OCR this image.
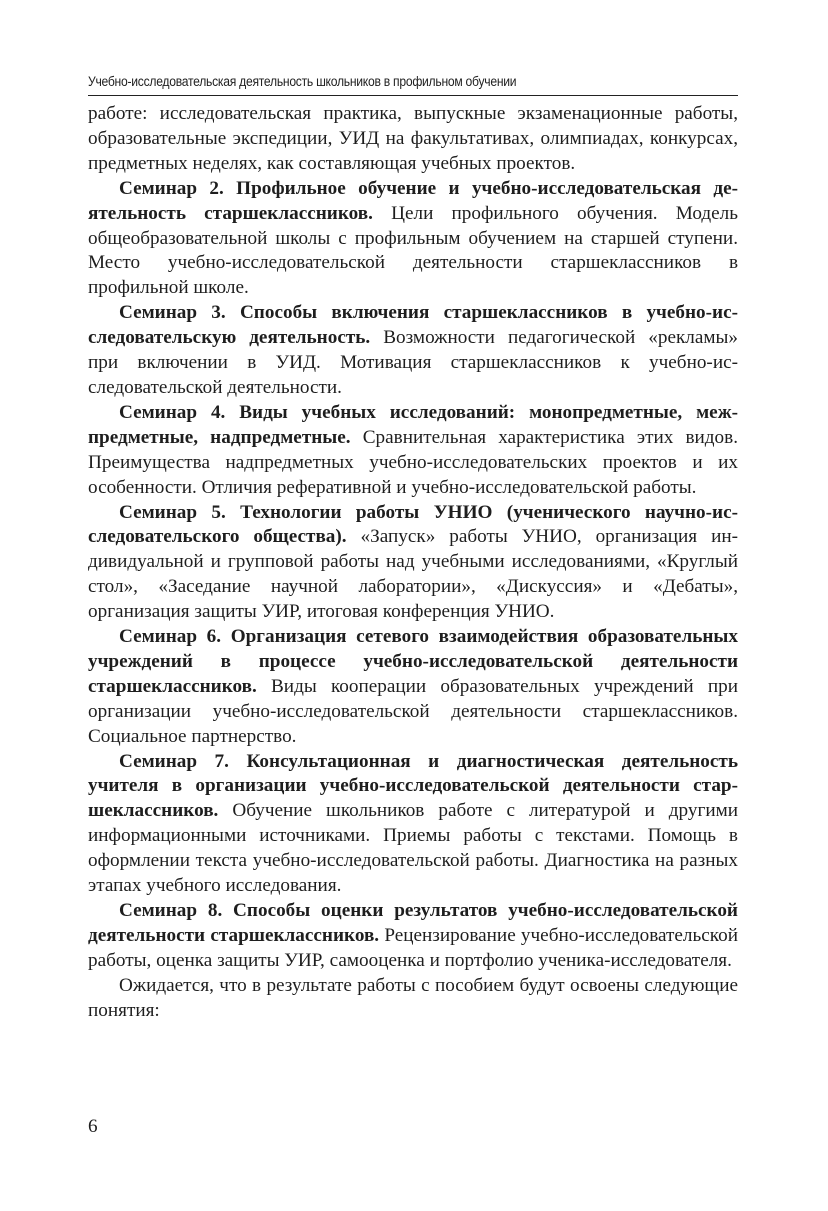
Учебно-исследовательская деятельность школьников в профильном обучении

работе: исследовательская практика, выпускные экзаменационные работы, образовательные экспедиции, УИД на факультативах, олимпиадах, конкурсах, предметных неделях, как составляющая учебных проектов.

Семинар 2. Профильное обучение и учебно-исследовательская деятельность старшеклассников. Цели профильного обучения. Модель общеобразовательной школы с профильным обучением на старшей ступени. Место учебно-исследовательской деятельности старшеклассников в профильной школе.

Семинар 3. Способы включения старшеклассников в учебно-исследовательскую деятельность. Возможности педагогической «рекламы» при включении в УИД. Мотивация старшеклассников к учебно-исследовательской деятельности.

Семинар 4. Виды учебных исследований: монопредметные, межпредметные, надпредметные. Сравнительная характеристика этих видов. Преимущества надпредметных учебно-исследовательских проектов и их особенности. Отличия реферативной и учебно-исследовательской работы.

Семинар 5. Технологии работы УНИО (ученического научно-исследовательского общества). «Запуск» работы УНИО, организация индивидуальной и групповой работы над учебными исследованиями, «Круглый стол», «Заседание научной лаборатории», «Дискуссия» и «Дебаты», организация защиты УИР, итоговая конференция УНИО.

Семинар 6. Организация сетевого взаимодействия образовательных учреждений в процессе учебно-исследовательской деятельности старшеклассников. Виды кооперации образовательных учреждений при организации учебно-исследовательской деятельности старшеклассников. Социальное партнерство.

Семинар 7. Консультационная и диагностическая деятельность учителя в организации учебно-исследовательской деятельности старшеклассников. Обучение школьников работе с литературой и другими информационными источниками. Приемы работы с текстами. Помощь в оформлении текста учебно-исследовательской работы. Диагностика на разных этапах учебного исследования.

Семинар 8. Способы оценки результатов учебно-исследовательской деятельности старшеклассников. Рецензирование учебно-исследовательской работы, оценка защиты УИР, самооценка и портфолио ученика-исследователя.

Ожидается, что в результате работы с пособием будут освоены следующие понятия:

6
